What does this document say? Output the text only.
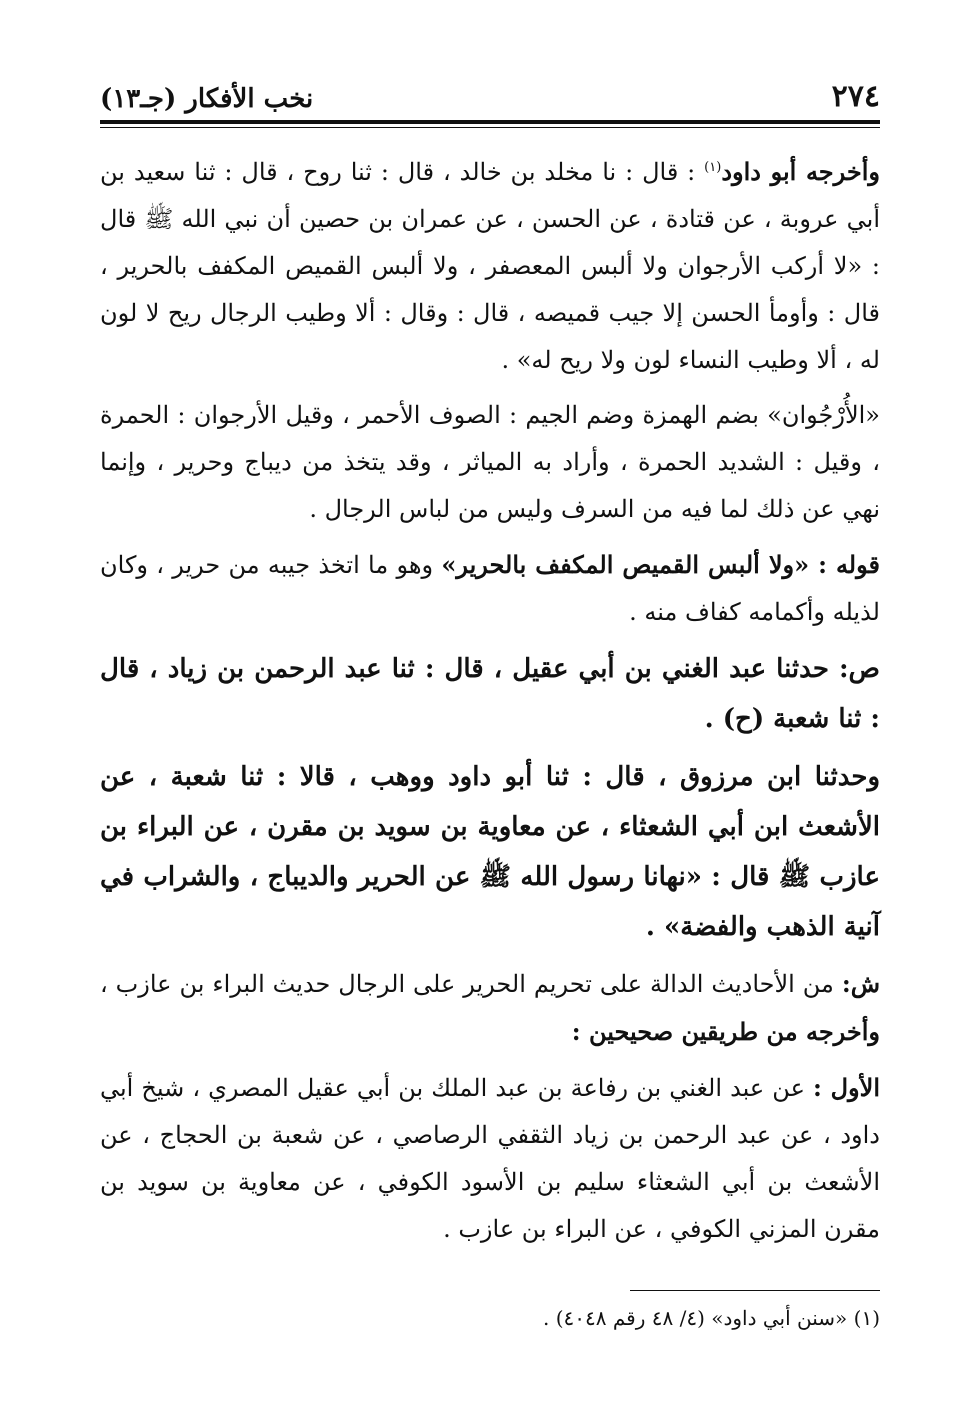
٢٧٤
نخب الأفكار (جـ١٣)

وأخرجه أبو داود$^{(١)}$ : قال : نا مخلد بن خالد ، قال : ثنا روح ، قال : ثنا سعيد بن أبي عروبة ، عن قتادة ، عن الحسن ، عن عمران بن حصين أن نبي الله ﷺ قال : «لا أركب الأرجوان ولا ألبس المعصفر ، ولا ألبس القميص المكفف بالحرير ، قال : وأومأ الحسن إلا جيب قميصه ، قال : وقال : ألا وطيب الرجال ريح لا لون له ، ألا وطيب النساء لون ولا ريح له» .

«الأُرْجُوان» بضم الهمزة وضم الجيم : الصوف الأحمر ، وقيل الأرجوان : الحمرة ، وقيل : الشديد الحمرة ، وأراد به المياثر ، وقد يتخذ من ديباج وحرير ، وإنما نهي عن ذلك لما فيه من السرف وليس من لباس الرجال .

قوله : «ولا ألبس القميص المكفف بالحرير» وهو ما اتخذ جيبه من حرير ، وكان لذيله وأكمامه كفاف منه .

ص: حدثنا عبد الغني بن أبي عقيل ، قال : ثنا عبد الرحمن بن زياد ، قال : ثنا شعبة (ح) .

وحدثنا ابن مرزوق ، قال : ثنا أبو داود ووهب ، قالا : ثنا شعبة ، عن الأشعث ابن أبي الشعثاء ، عن معاوية بن سويد بن مقرن ، عن البراء بن عازب ﷺ قال : «نهانا رسول الله ﷺ عن الحرير والديباج ، والشراب في آنية الذهب والفضة» .

ش: من الأحاديث الدالة على تحريم الحرير على الرجال حديث البراء بن عازب ، وأخرجه من طريقين صحيحين :

الأول : عن عبد الغني بن رفاعة بن عبد الملك بن أبي عقيل المصري ، شيخ أبي داود ، عن عبد الرحمن بن زياد الثقفي الرصاصي ، عن شعبة بن الحجاج ، عن الأشعث بن أبي الشعثاء سليم بن الأسود الكوفي ، عن معاوية بن سويد بن مقرن المزني الكوفي ، عن البراء بن عازب .

(١) «سنن أبي داود» (٤/ ٤٨ رقم ٤٠٤٨) .
